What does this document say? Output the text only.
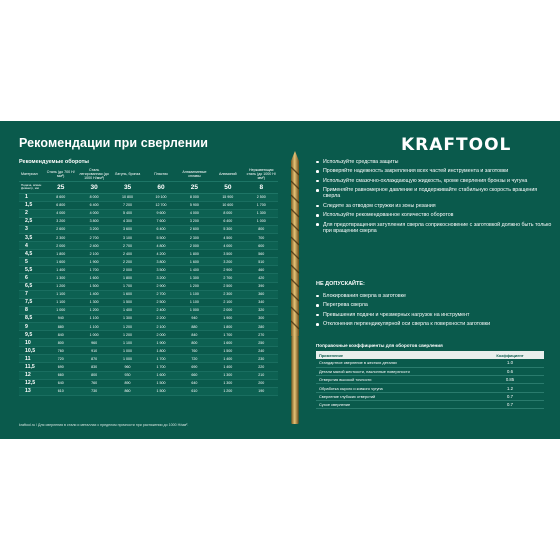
Рекомендации при сверлении	KRAFTOOL
Рекомендуемые обороты
Материал	Сталь (до 700 Н/мм²)	Сталь легированная (до 1000 Н/мм²)	Латунь, бронза	Пластик	Алюминиевые сплавы	Алюминий	Нержавеющая сталь (до 1000 Н/мм²)
Подача, м/мин
Диаметр, мм	25	30	35	60	25	50	8
1	8 600	8 000	10 800	19 100	8 000	15 900	2 500
1,5	6 800	6 400	7 200	12 700	5 900	10 600	1 700
2	4 000	4 000	5 400	9 600	4 000	8 000	1 300
2,5	3 200	3 800	4 300	7 600	3 200	6 400	1 000
3	2 600	3 200	3 600	6 400	2 600	5 300	800
3,5	2 300	2 700	3 100	5 500	2 300	4 500	700
4	2 000	2 400	2 700	4 800	2 000	4 000	600
4,5	1 800	2 100	2 400	4 200	1 800	3 500	560
5	1 600	1 900	2 200	3 800	1 600	3 200	510
5,5	1 400	1 700	2 000	3 500	1 400	2 900	460
6	1 300	1 600	1 800	3 200	1 300	2 700	420
6,5	1 200	1 500	1 700	2 900	1 200	2 500	390
7	1 100	1 400	1 600	2 700	1 100	2 300	360
7,5	1 100	1 300	1 500	2 500	1 100	2 100	340
8	1 000	1 200	1 400	2 400	1 000	2 000	320
8,5	940	1 100	1 300	2 200	940	1 900	300
9	880	1 100	1 200	2 100	880	1 800	280
9,5	840	1 000	1 200	2 000	840	1 700	270
10	800	960	1 100	1 900	800	1 600	250
10,5	760	910	1 000	1 800	760	1 500	240
11	720	870	1 000	1 700	720	1 400	230
11,5	690	830	960	1 700	690	1 400	220
12	660	800	930	1 600	660	1 300	210
12,5	640	760	890	1 500	640	1 300	200
13	610	730	860	1 500	610	1 200	190
kraftool.ru / Для сверления в стали и металлах с пределом прочности при растяжении до 1000 Н/мм².
Используйте средства защиты
Проверяйте надежность закрепления всех частей инструмента и заготовки
Используйте смазочно-охлаждающую жидкость, кроме сверления бронзы и чугуна
Применяйте равномерное давление и поддерживайте стабильную скорость вращения сверла
Следите за отводом стружки из зоны резания
Используйте рекомендованное количество оборотов
Для предотвращения затупления сверла соприкосновение с заготовкой должно быть только при вращении сверла
НЕ ДОПУСКАЙТЕ:
Блокирования сверла в заготовке
Перегрева сверла
Превышения подачи и чрезмерных нагрузок на инструмент
Отклонения перпендикулярной оси сверла к поверхности заготовки
Поправочные коэффициенты для оборотов сверления
Применение	Коэффициент
Стандартное сверление в жестких деталях	1.0
Детали малой жесткости, наклонные поверхности	0.6
Отверстия высокой точности	0.85
Обработка сырого и ковкого чугуна	1.2
Сверление глубоких отверстий	0.7
Сухое сверление	0.7
